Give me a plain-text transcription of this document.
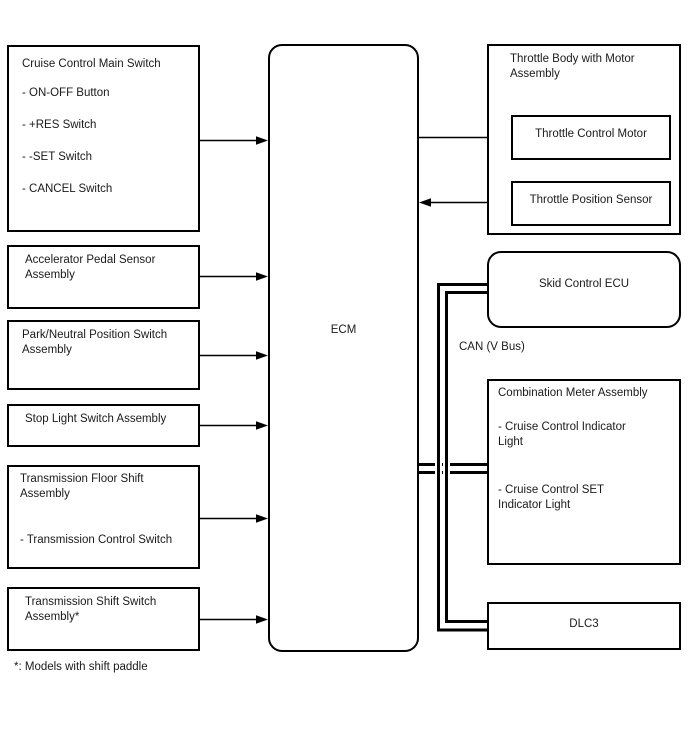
Cruise Control Main Switch
- ON-OFF Button
- +RES Switch
- -SET Switch
- CANCEL Switch
Accelerator Pedal Sensor Assembly
Park/Neutral Position Switch Assembly
Stop Light Switch Assembly
Transmission Floor Shift Assembly
- Transmission Control Switch
Transmission Shift Switch Assembly*
*: Models with shift paddle
ECM
Throttle Body with Motor Assembly
Throttle Control Motor
Throttle Position Sensor
Skid Control ECU
CAN (V Bus)
Combination Meter Assembly
- Cruise Control Indicator Light
- Cruise Control SET Indicator Light
DLC3
